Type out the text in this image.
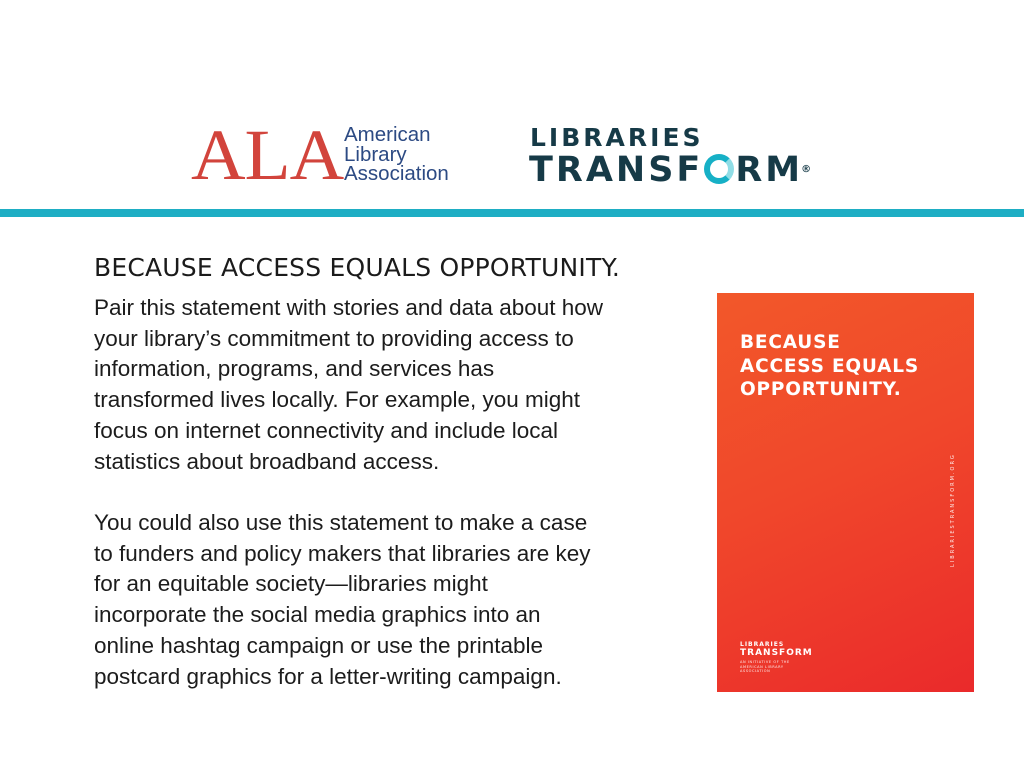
ALA American
Library
Association
LIBRARIES
TRANSF RM®
BECAUSE ACCESS EQUALS OPPORTUNITY.

Pair this statement with stories and data about how
your library’s commitment to providing access to
information, programs, and services has
transformed lives locally. For example, you might
focus on internet connectivity and include local
statistics about broadband access.

You could also use this statement to make a case
to funders and policy makers that libraries are key
for an equitable society—libraries might
incorporate the social media graphics into an
online hashtag campaign or use the printable
postcard graphics for a letter-writing campaign.

BECAUSE
ACCESS EQUALS
OPPORTUNITY.

LIBRARIESTRANSFORM.ORG
LIBRARIES
TRANSFORM
AN INITIATIVE OF THE AMERICAN LIBRARY ASSOCIATION
